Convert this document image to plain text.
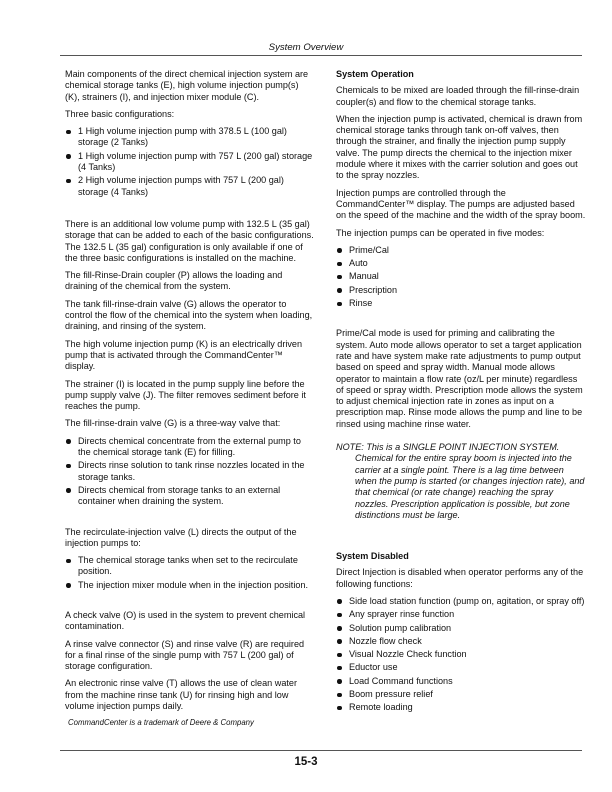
System Overview

Main components of the direct chemical injection system are chemical storage tanks (E), high volume injection pump(s) (K), strainers (I), and injection mixer module (C).

Three basic configurations:

1 High volume injection pump with 378.5 L (100 gal) storage (2 Tanks)
1 High volume injection pump with 757 L (200 gal) storage (4 Tanks)
2 High volume injection pumps with 757 L (200 gal) storage (4 Tanks)

There is an additional low volume pump with 132.5 L (35 gal) storage that can be added to each of the basic configurations. The 132.5 L (35 gal) configuration is only available if one of the three basic configurations is installed on the machine.

The fill-Rinse-Drain coupler (P) allows the loading and draining of the chemical from the system.

The tank fill-rinse-drain valve (G) allows the operator to control the flow of the chemical into the system when loading, draining, and rinsing of the system.

The high volume injection pump (K) is an electrically driven pump that is activated through the CommandCenter™ display.

The strainer (I) is located in the pump supply line before the pump supply valve (J). The filter removes sediment before it reaches the pump.

The fill-rinse-drain valve (G) is a three-way valve that:

Directs chemical concentrate from the external pump to the chemical storage tank (E) for filling.
Directs rinse solution to tank rinse nozzles located in the storage tanks.
Directs chemical from storage tanks to an external container when draining the system.

The recirculate-injection valve (L) directs the output of the injection pumps to:

The chemical storage tanks when set to the recirculate position.
The injection mixer module when in the injection position.

A check valve (O) is used in the system to prevent chemical contamination.

A rinse valve connector (S) and rinse valve (R) are required for a final rinse of the single pump with 757 L (200 gal) of storage configuration.

An electronic rinse valve (T) allows the use of clean water from the machine rinse tank (U) for rinsing high and low volume injection pumps daily.

CommandCenter is a trademark of Deere & Company
System Operation

Chemicals to be mixed are loaded through the fill-rinse-drain coupler(s) and flow to the chemical storage tanks.

When the injection pump is activated, chemical is drawn from chemical storage tanks through tank on-off valves, then through the strainer, and finally the injection pump supply valve. The pump directs the chemical to the injection mixer module where it mixes with the carrier solution and goes out to the spray nozzles.

Injection pumps are controlled through the CommandCenter™ display. The pumps are adjusted based on the speed of the machine and the width of the spray boom.

The injection pumps can be operated in five modes:

Prime/Cal
Auto
Manual
Prescription
Rinse

Prime/Cal mode is used for priming and calibrating the system. Auto mode allows operator to set a target application rate and have system make rate adjustments to pump output based on speed and spray width. Manual mode allows operator to maintain a flow rate (oz/L per minute) regardless of speed or spray width. Prescription mode allows the system to adjust chemical injection rate in zones as input on a prescription map. Rinse mode allows the pump and line to be rinsed using machine rinse water.

NOTE: This is a SINGLE POINT INJECTION SYSTEM.
Chemical for the entire spray boom is injected into the carrier at a single point. There is a lag time between when the pump is started (or changes injection rate), and that chemical (or rate change) reaching the spray nozzles. Prescription application is possible, but zone distinctions must be large.
System Disabled

Direct Injection is disabled when operator performs any of the following functions:

Side load station function (pump on, agitation, or spray off)
Any sprayer rinse function
Solution pump calibration
Nozzle flow check
Visual Nozzle Check function
Eductor use
Load Command functions
Boom pressure relief
Remote loading
15-3
